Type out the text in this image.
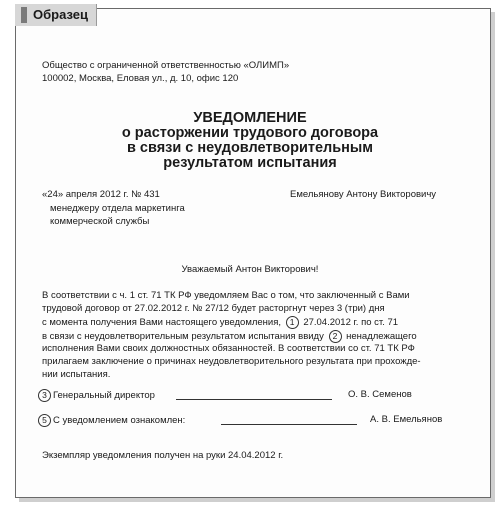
Образец
Общество с ограниченной ответственностью «ОЛИМП»
100002, Москва, Еловая ул., д. 10, офис 120
УВЕДОМЛЕНИЕ
о расторжении трудового договора
в связи с неудовлетворительным
результатом испытания
«24» апреля 2012 г. № 431	Емельянову Антону Викторовичу
менеджеру отдела маркетинга
коммерческой службы
Уважаемый Антон Викторович!
В соответствии с ч. 1 ст. 71 ТК РФ уведомляем Вас о том, что заключенный с Вами
трудовой договор от 27.02.2012 г. № 27/12 будет расторгнут через 3 (три) дня
с момента получения Вами настоящего уведомления, 1 27.04.2012 г. по ст. 71
в связи с неудовлетворительным результатом испытания ввиду 2 ненадлежащего
исполнения Вами своих должностных обязанностей. В соответствии со ст. 71 ТК РФ
прилагаем заключение о причинах неудовлетворительного результата при прохожде-
нии испытания.
3 Генеральный директор	О. В. Семенов
5 С уведомлением ознакомлен:	А. В. Емельянов
Экземпляр уведомления получен на руки 24.04.2012 г.
